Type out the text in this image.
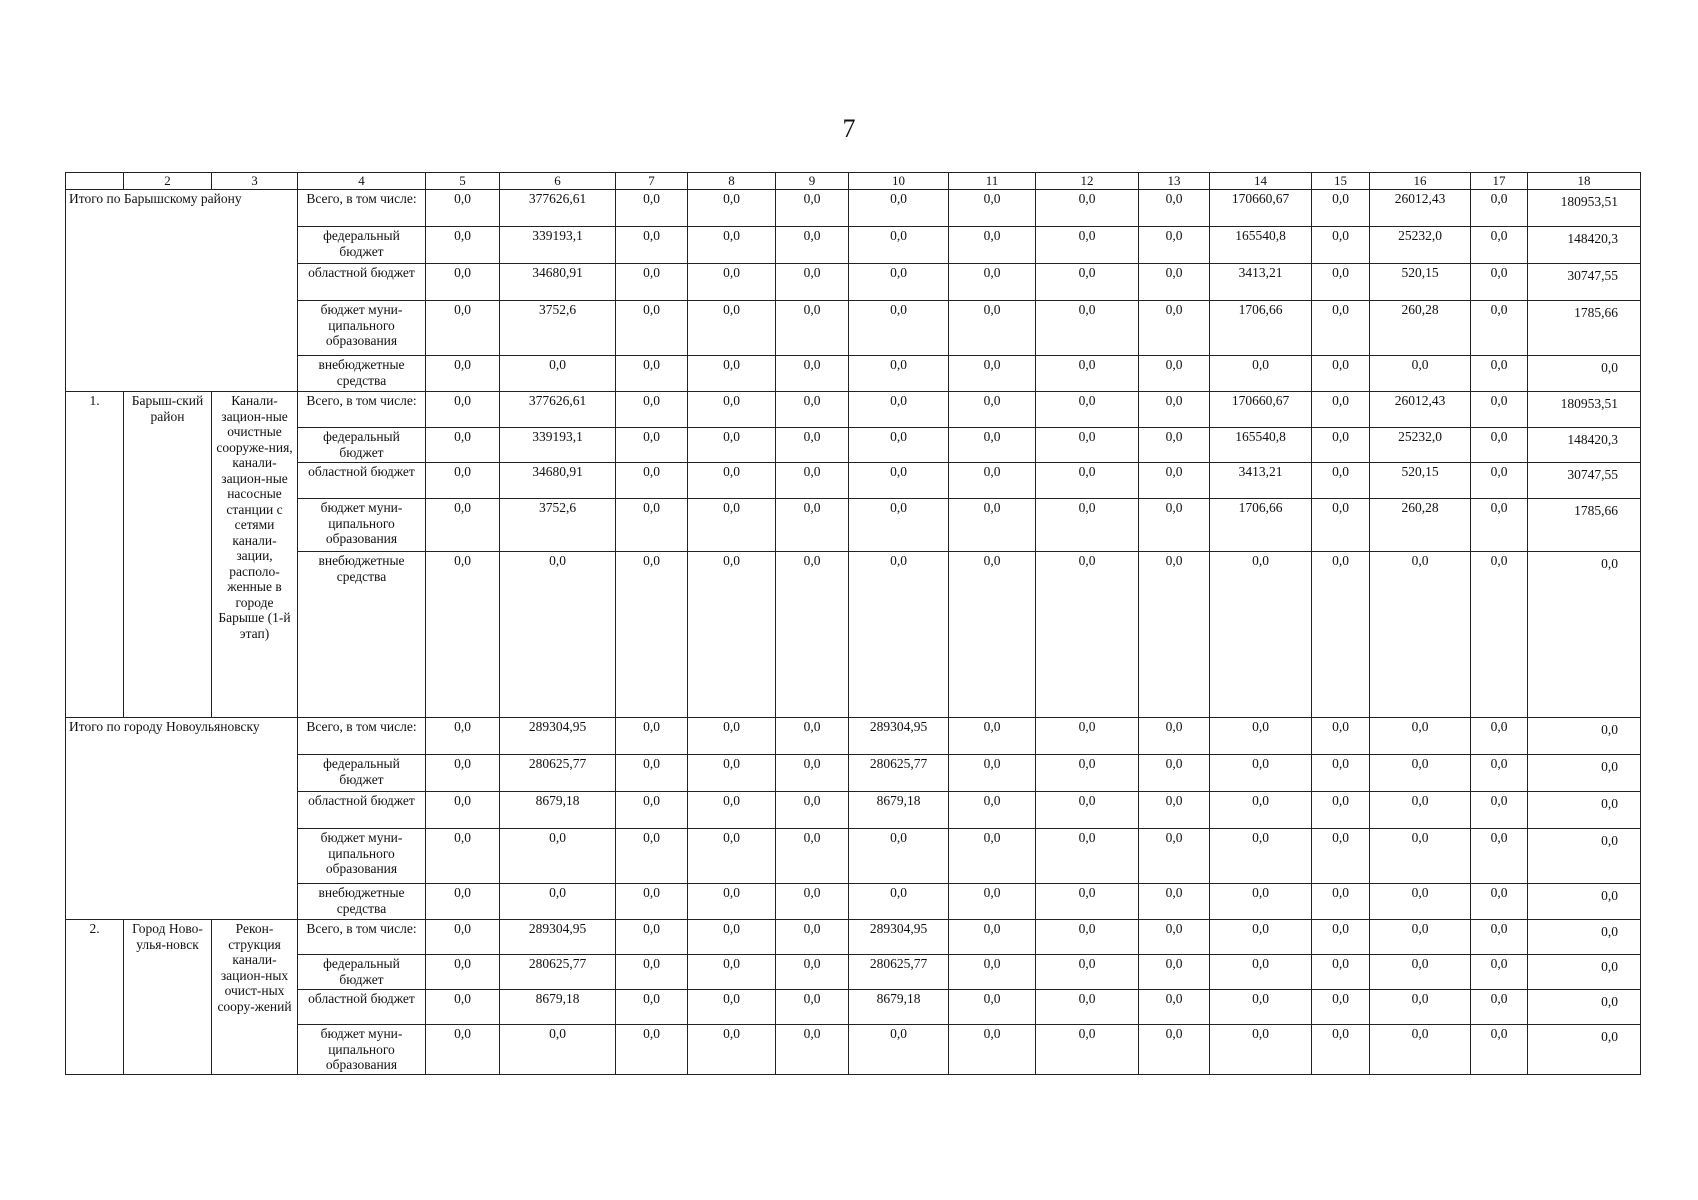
7
	2	3	4	5	6	7	8	9	10	11	12	13	14	15	16	17	18
Итого по Барышскому району			Всего, в том числе:	0,0	377626,61	0,0	0,0	0,0	0,0	0,0	0,0	0,0	170660,67	0,0	26012,43	0,0	180953,51
			федеральный бюджет	0,0	339193,1	0,0	0,0	0,0	0,0	0,0	0,0	0,0	165540,8	0,0	25232,0	0,0	148420,3
			областной бюджет	0,0	34680,91	0,0	0,0	0,0	0,0	0,0	0,0	0,0	3413,21	0,0	520,15	0,0	30747,55
			бюджет муни-ципального образования	0,0	3752,6	0,0	0,0	0,0	0,0	0,0	0,0	0,0	1706,66	0,0	260,28	0,0	1785,66
			внебюджетные средства	0,0	0,0	0,0	0,0	0,0	0,0	0,0	0,0	0,0	0,0	0,0	0,0	0,0	0,0
1.	Барыш-ский район	Канали-зацион-ные очистные сооруже-ния, канали-зацион-ные насосные станции с сетями канали-зации, располо-женные в городе Барыше (1-й этап)	Всего, в том числе:	0,0	377626,61	0,0	0,0	0,0	0,0	0,0	0,0	0,0	170660,67	0,0	26012,43	0,0	180953,51
			федеральный бюджет	0,0	339193,1	0,0	0,0	0,0	0,0	0,0	0,0	0,0	165540,8	0,0	25232,0	0,0	148420,3
			областной бюджет	0,0	34680,91	0,0	0,0	0,0	0,0	0,0	0,0	0,0	3413,21	0,0	520,15	0,0	30747,55
			бюджет муни-ципального образования	0,0	3752,6	0,0	0,0	0,0	0,0	0,0	0,0	0,0	1706,66	0,0	260,28	0,0	1785,66
			внебюджетные средства	0,0	0,0	0,0	0,0	0,0	0,0	0,0	0,0	0,0	0,0	0,0	0,0	0,0	0,0
Итого по городу Новоульяновску			Всего, в том числе:	0,0	289304,95	0,0	0,0	0,0	289304,95	0,0	0,0	0,0	0,0	0,0	0,0	0,0	0,0
			федеральный бюджет	0,0	280625,77	0,0	0,0	0,0	280625,77	0,0	0,0	0,0	0,0	0,0	0,0	0,0	0,0
			областной бюджет	0,0	8679,18	0,0	0,0	0,0	8679,18	0,0	0,0	0,0	0,0	0,0	0,0	0,0	0,0
			бюджет муни-ципального образования	0,0	0,0	0,0	0,0	0,0	0,0	0,0	0,0	0,0	0,0	0,0	0,0	0,0	0,0
			внебюджетные средства	0,0	0,0	0,0	0,0	0,0	0,0	0,0	0,0	0,0	0,0	0,0	0,0	0,0	0,0
2.	Город Ново-улья-новск	Рекон-струкция канали-зацион-ных очист-ных соору-жений	Всего, в том числе:	0,0	289304,95	0,0	0,0	0,0	289304,95	0,0	0,0	0,0	0,0	0,0	0,0	0,0	0,0
			федеральный бюджет	0,0	280625,77	0,0	0,0	0,0	280625,77	0,0	0,0	0,0	0,0	0,0	0,0	0,0	0,0
			областной бюджет	0,0	8679,18	0,0	0,0	0,0	8679,18	0,0	0,0	0,0	0,0	0,0	0,0	0,0	0,0
			бюджет муни-ципального образования	0,0	0,0	0,0	0,0	0,0	0,0	0,0	0,0	0,0	0,0	0,0	0,0	0,0	0,0
